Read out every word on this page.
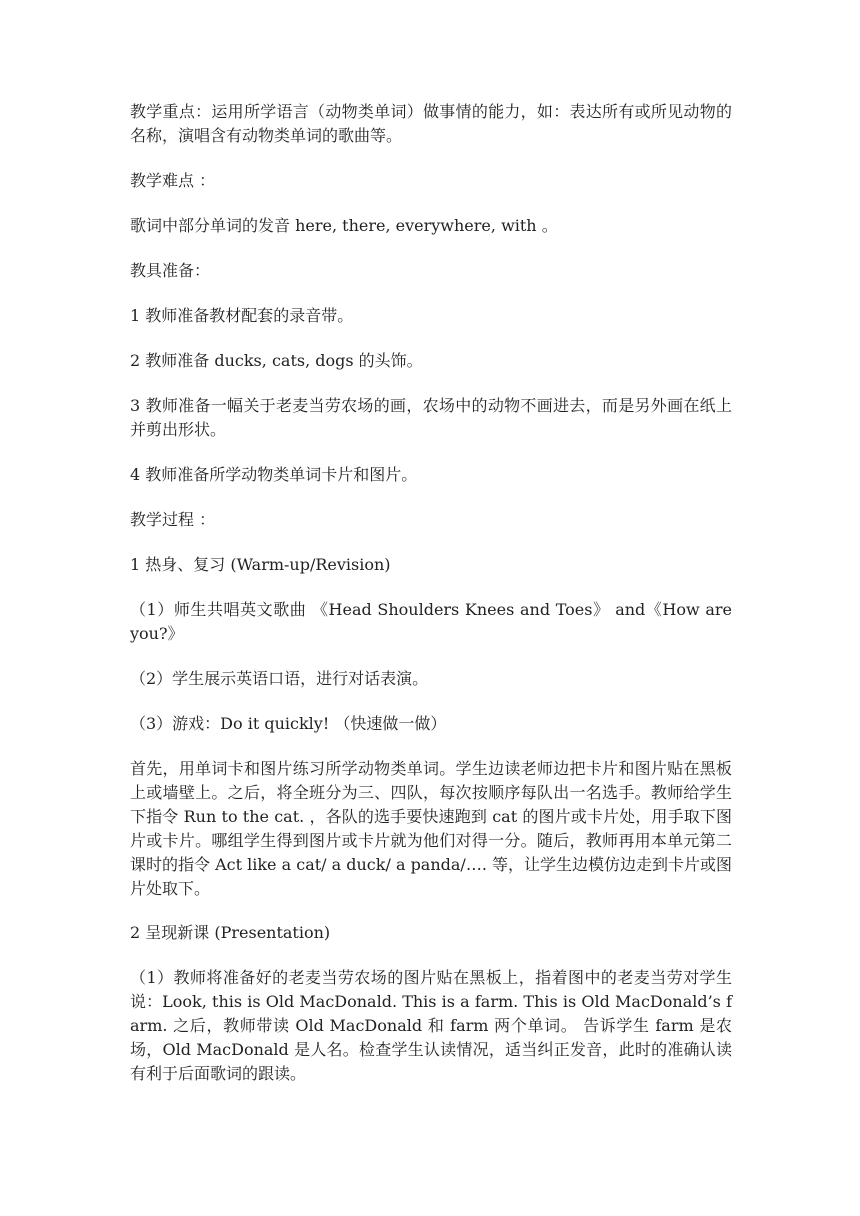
教学重点：运用所学语言（动物类单词）做事情的能力，如：表达所有或所见动物的名称，演唱含有动物类单词的歌曲等。

教学难点 ：

歌词中部分单词的发音 here, there, everywhere, with 。

教具准备：

1 教师准备教材配套的录音带。

2 教师准备 ducks, cats, dogs 的头饰。

3 教师准备一幅关于老麦当劳农场的画，农场中的动物不画进去，而是另外画在纸上并剪出形状。

4 教师准备所学动物类单词卡片和图片。

教学过程 ：

1 热身、复习 (Warm-up/Revision)

（1）师生共唱英文歌曲 《Head Shoulders Knees and Toes》 and《How are you?》

（2）学生展示英语口语，进行对话表演。

（3）游戏：Do it quickly! （快速做一做）

首先，用单词卡和图片练习所学动物类单词。学生边读老师边把卡片和图片贴在黑板上或墙壁上。之后，将全班分为三、四队，每次按顺序每队出一名选手。教师给学生下指令 Run to the cat. ，各队的选手要快速跑到 cat 的图片或卡片处，用手取下图片或卡片。哪组学生得到图片或卡片就为他们对得一分。随后，教师再用本单元第二课时的指令 Act like a cat/ a duck/ a panda/…. 等，让学生边模仿边走到卡片或图片处取下。

2 呈现新课 (Presentation)

（1）教师将准备好的老麦当劳农场的图片贴在黑板上，指着图中的老麦当劳对学生说：Look, this is Old MacDonald. This is a farm. This is Old MacDonald’s farm. 之后，教师带读 Old MacDonald 和 farm 两个单词。 告诉学生 farm 是农场，Old MacDonald 是人名。检查学生认读情况，适当纠正发音，此时的准确认读有利于后面歌词的跟读。
